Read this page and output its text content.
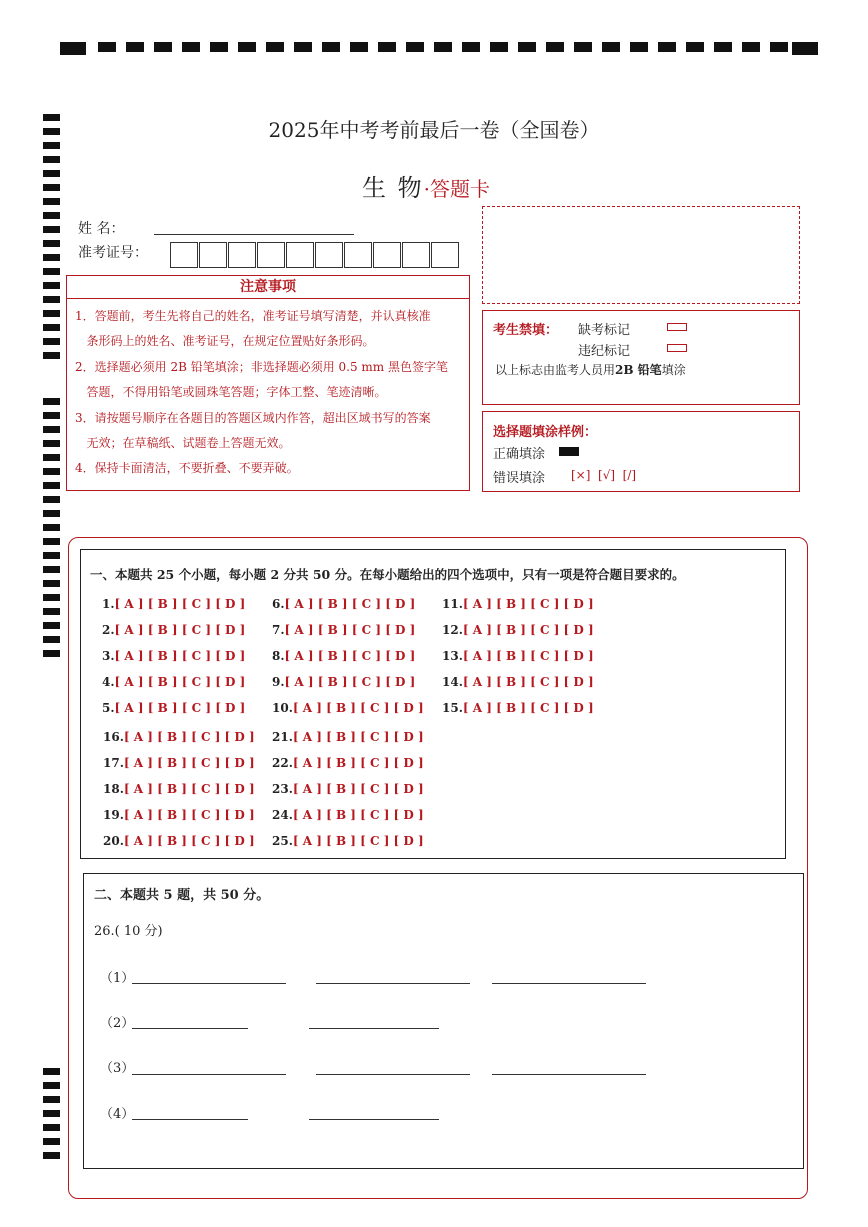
2025年中考考前最后一卷（全国卷）
生 物·答题卡
姓 名：
准考证号：
注意事项
1．答题前，考生先将自己的姓名，准考证号填写清楚，并认真核准
条形码上的姓名、准考证号，在规定位置贴好条形码。
2．选择题必须用 2B 铅笔填涂；非选择题必须用 0.5 mm 黑色签字笔
答题，不得用铅笔或圆珠笔答题；字体工整、笔迹清晰。
3．请按题号顺序在各题目的答题区域内作答，超出区域书写的答案
无效；在草稿纸、试题卷上答题无效。
4．保持卡面清洁，不要折叠、不要弄破。
考生禁填： 缺考标记
违纪标记
以上标志由监考人员用2B 铅笔填涂
选择题填涂样例：
正确填涂
错误填涂 [×]  [√]  [/]
一、本题共 25 个小题，每小题 2 分共 50 分。在每小题给出的四个选项中，只有一项是符合题目要求的。
1.[ A ] [ B ] [ C ] [ D ]
2.[ A ] [ B ] [ C ] [ D ]
3.[ A ] [ B ] [ C ] [ D ]
4.[ A ] [ B ] [ C ] [ D ]
5.[ A ] [ B ] [ C ] [ D ]
6.[ A ] [ B ] [ C ] [ D ]
7.[ A ] [ B ] [ C ] [ D ]
8.[ A ] [ B ] [ C ] [ D ]
9.[ A ] [ B ] [ C ] [ D ]
10.[ A ] [ B ] [ C ] [ D ]
11.[ A ] [ B ] [ C ] [ D ]
12.[ A ] [ B ] [ C ] [ D ]
13.[ A ] [ B ] [ C ] [ D ]
14.[ A ] [ B ] [ C ] [ D ]
15.[ A ] [ B ] [ C ] [ D ]
16.[ A ] [ B ] [ C ] [ D ]
17.[ A ] [ B ] [ C ] [ D ]
18.[ A ] [ B ] [ C ] [ D ]
19.[ A ] [ B ] [ C ] [ D ]
20.[ A ] [ B ] [ C ] [ D ]
21.[ A ] [ B ] [ C ] [ D ]
22.[ A ] [ B ] [ C ] [ D ]
23.[ A ] [ B ] [ C ] [ D ]
24.[ A ] [ B ] [ C ] [ D ]
25.[ A ] [ B ] [ C ] [ D ]
二、本题共 5 题，共 50 分。
26.( 10 分)
（1）
（2）
（3）
（4）
